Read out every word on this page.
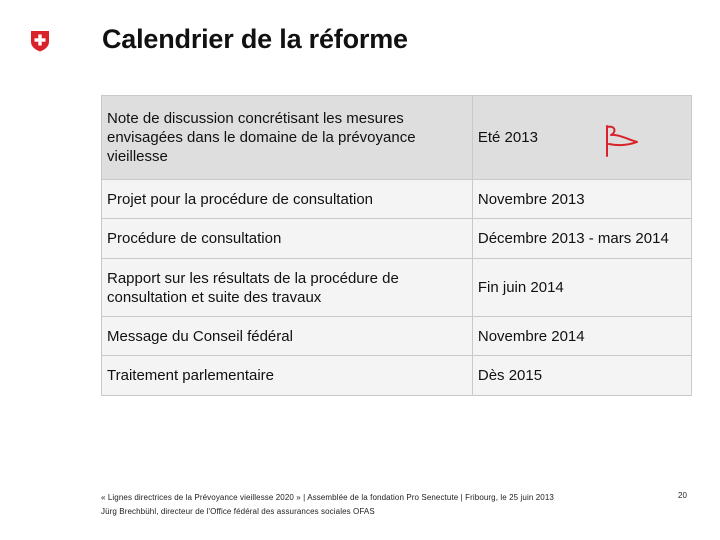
Calendrier de la réforme
Note de discussion concrétisant les mesures envisagées dans le domaine de la prévoyance vieillesse	Eté 2013

Projet pour la procédure de consultation	Novembre 2013
Procédure de consultation	Décembre 2013 - mars 2014
Rapport sur les résultats de la procédure de consultation et suite des travaux	Fin juin 2014
Message du Conseil fédéral	Novembre 2014
Traitement parlementaire	Dès 2015
« Lignes directrices de la Prévoyance vieillesse 2020 » | Assemblée de la fondation Pro Senectute | Fribourg, le 25 juin 2013
Jürg Brechbühl, directeur de l'Office fédéral des assurances sociales OFAS
20
